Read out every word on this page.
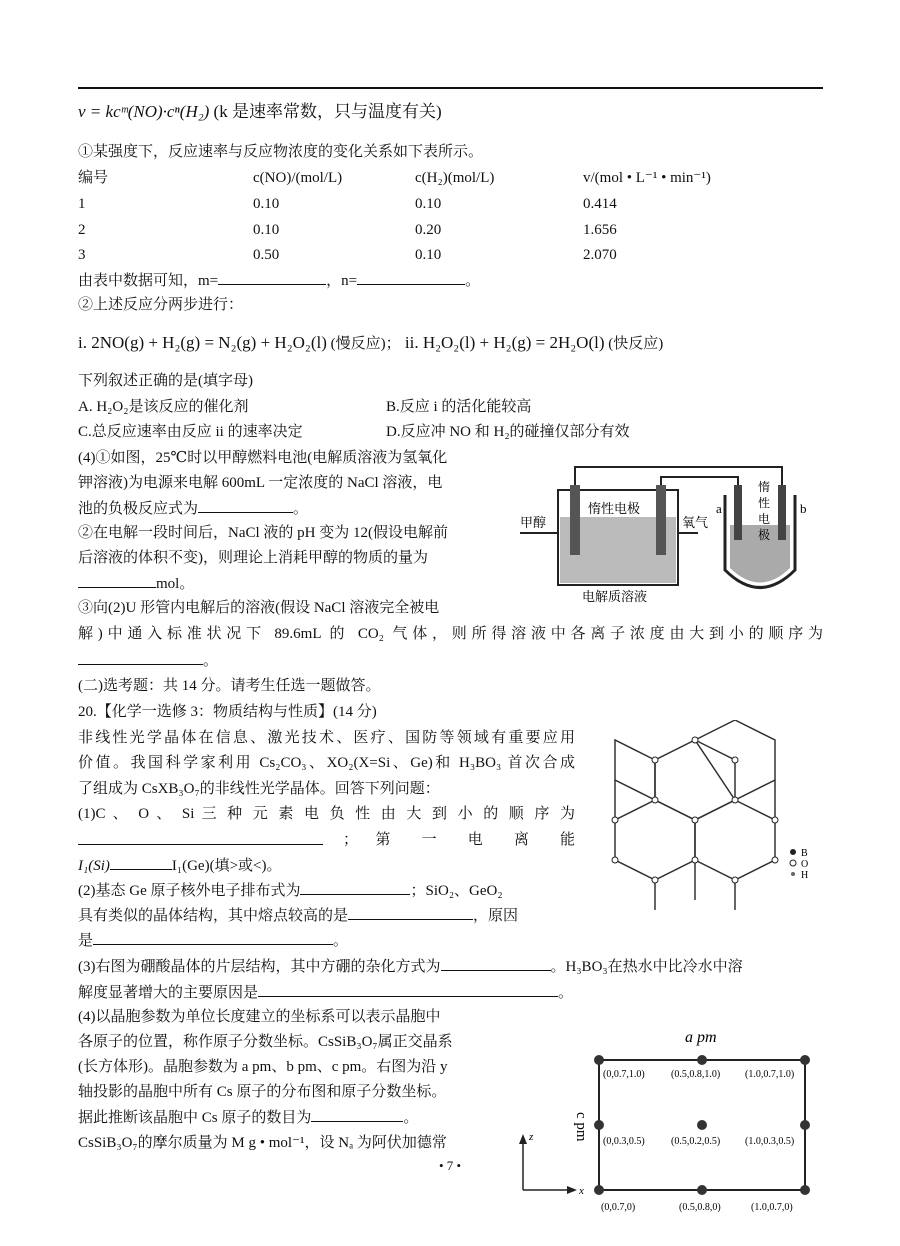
v = kcᵐ(NO)·cⁿ(H₂) (k 是速率常数，只与温度有关)
①某强度下，反应速率与反应物浓度的变化关系如下表所示。
编号	c(NO)/(mol/L)	c(H₂)(mol/L)	v/(mol • L⁻¹ • min⁻¹)
1	0.10	0.10	0.414
2	0.10	0.20	1.656
3	0.50	0.10	2.070
由表中数据可知，m=	，n=	。
②上述反应分两步进行：
i. 2NO(g) + H₂(g) = N₂(g) + H₂O₂(l) (慢反应)； ii. H₂O₂(l) + H₂(g) = 2H₂O(l) (快反应)
下列叙述正确的是(填字母)
A. H₂O₂是该反应的催化剂	B.反应 i 的活化能较高
C.总反应速率由反应 ii 的速率决定	D.反应冲 NO 和 H₂的碰撞仅部分有效
(4)①如图，25℃时以甲醇燃料电池(电解质溶液为氢氧化
钾溶液)为电源来电解 600mL 一定浓度的 NaCl 溶液，电
池的负极反应式为	。
②在电解一段时间后，NaCl 液的 pH 变为 12(假设电解前
后溶液的体积不变)，则理论上消耗甲醇的物质的量为
mol。
③向(2)U 形管内电解后的溶液(假设 NaCl 溶液完全被电
解)中通入标准状况下 89.6mL 的 CO₂ 气体，则所得溶液中各离子浓度由大到小的顺序为
。
惰性电极
甲醇	氧气
电解质溶液
惰
性
电
极
a	b
(二)选考题：共 14 分。请考生任选一题做答。
20.【化学一选修 3：物质结构与性质】(14 分)
非线性光学晶体在信息、激光技术、医疗、国防等领域有重要应用
价值。我国科学家利用 Cs₂CO₃、XO₂(X=Si、Ge)和 H₃BO₃ 首次合成
了组成为 CsXB₃O₇的非线性光学晶体。回答下列问题：
(1)C 、 O 、 Si 三 种 元 素 电 负 性 由 大 到 小 的 顺 序 为
； 第 一 电 离 能
I₁(Si)	I₁(Ge)(填>或<)。
(2)基态 Ge 原子核外电子排布式为	；SiO₂、GeO₂
具有类似的晶体结构，其中熔点较高的是	，原因
是	。
(3)右图为硼酸晶体的片层结构，其中方硼的杂化方式为	。H₃BO₃在热水中比冷水中溶
解度显著增大的主要原因是	。
B
O
H
(4)以晶胞参数为单位长度建立的坐标系可以表示晶胞中
各原子的位置，称作原子分数坐标。CsSiB₃O₇属正交晶系
(长方体形)。晶胞参数为 a pm、b pm、c pm。右图为沿 y
轴投影的晶胞中所有 Cs 原子的分布图和原子分数坐标。
据此推断该晶胞中 Cs 原子的数目为	。
CsSiB₃O₇的摩尔质量为 M g • mol⁻¹，设 Nₐ 为阿伏加德常
a pm
c pm
(0,0.7,1.0)	(0.5,0.8,1.0) (1.0,0.7,1.0)
(0,0.3,0.5)	(0.5,0.2,0.5) (1.0,0.3,0.5)
(0,0.7,0)	(0.5,0.8,0)	(1.0,0.7,0)
z
x
• 7 •
